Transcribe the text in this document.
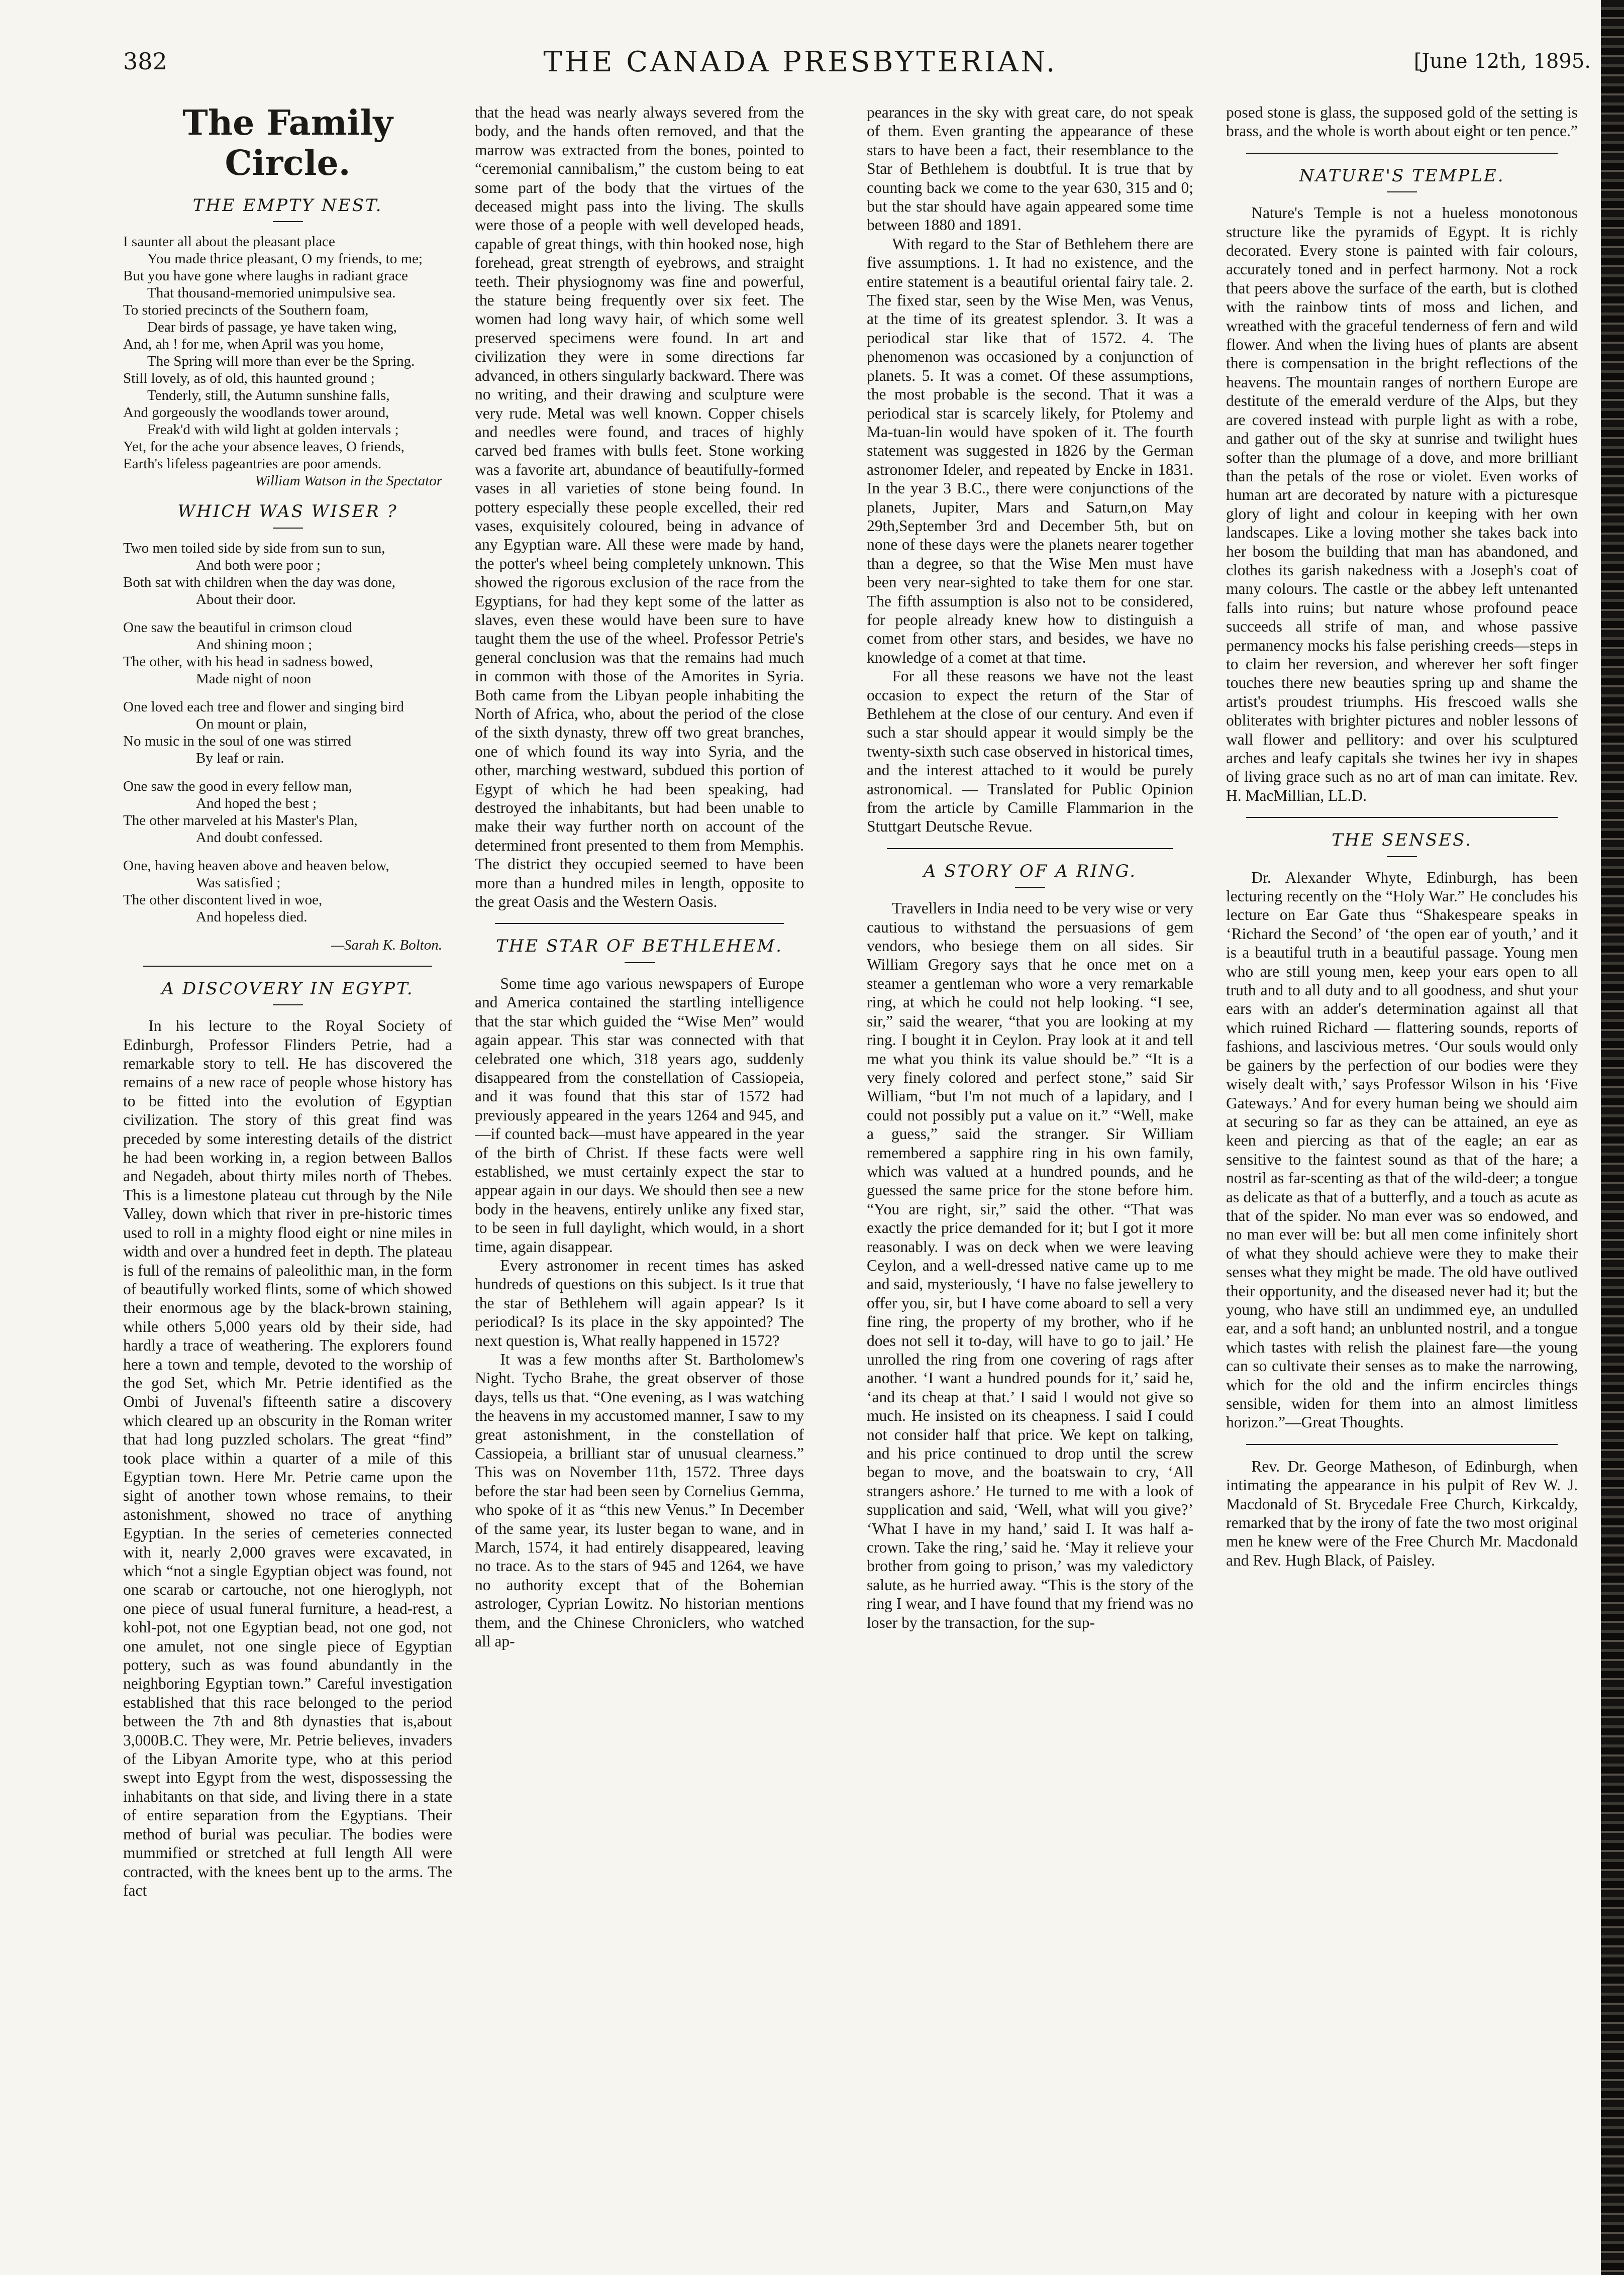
382	THE CANADA PRESBYTERIAN.	[June 12th, 1895.
The Family Circle.
THE EMPTY NEST.
I saunter all about the pleasant place
You made thrice pleasant, O my friends, to me;
But you have gone where laughs in radiant grace
That thousand-memoried unimpulsive sea.
To storied precincts of the Southern foam,
Dear birds of passage, ye have taken wing,
And, ah ! for me, when April was you home,
The Spring will more than ever be the Spring.
Still lovely, as of old, this haunted ground ;
Tenderly, still, the Autumn sunshine falls,
And gorgeously the woodlands tower around,
Freak'd with wild light at golden intervals ;
Yet, for the ache your absence leaves, O friends,
Earth's lifeless pageantries are poor amends.
William Watson in the Spectator
WHICH WAS WISER ?
Two men toiled side by side from sun to sun,
And both were poor ;
Both sat with children when the day was done,
About their door.
One saw the beautiful in crimson cloud
And shining moon ;
The other, with his head in sadness bowed,
Made night of noon
One loved each tree and flower and singing bird
On mount or plain,
No music in the soul of one was stirred
By leaf or rain.
One saw the good in every fellow man,
And hoped the best ;
The other marveled at his Master's Plan,
And doubt confessed.
One, having heaven above and heaven below,
Was satisfied ;
The other discontent lived in woe,
And hopeless died.
—Sarah K. Bolton.
A DISCOVERY IN EGYPT.

In his lecture to the Royal Society of Edinburgh, Professor Flinders Petrie, had a remarkable story to tell. He has discovered the remains of a new race of people whose history has to be fitted into the evolution of Egyptian civilization. The story of this great find was preceded by some interesting details of the district he had been working in, a region between Ballos and Negadeh, about thirty miles north of Thebes. This is a limestone plateau cut through by the Nile Valley, down which that river in pre-historic times used to roll in a mighty flood eight or nine miles in width and over a hundred feet in depth. The plateau is full of the remains of paleolithic man, in the form of beautifully worked flints, some of which showed their enormous age by the black-brown staining, while others 5,000 years old by their side, had hardly a trace of weathering. The explorers found here a town and temple, devoted to the worship of the god Set, which Mr. Petrie identified as the Ombi of Juvenal's fifteenth satire a discovery which cleared up an obscurity in the Roman writer that had long puzzled scholars. The great “find” took place within a quarter of a mile of this Egyptian town. Here Mr. Petrie came upon the sight of another town whose remains, to their astonishment, showed no trace of anything Egyptian. In the series of cemeteries connected with it, nearly 2,000 graves were excavated, in which “not a single Egyptian object was found, not one scarab or cartouche, not one hieroglyph, not one piece of usual funeral furniture, a head-rest, a kohl-pot, not one Egyptian bead, not one god, not one amulet, not one single piece of Egyptian pottery, such as was found abundantly in the neighboring Egyptian town.” Careful investigation established that this race belonged to the period between the 7th and 8th dynasties that is,about 3,000B.C. They were, Mr. Petrie believes, invaders of the Libyan Amorite type, who at this period swept into Egypt from the west, dispossessing the inhabitants on that side, and living there in a state of entire separation from the Egyptians. Their method of burial was peculiar. The bodies were mummified or stretched at full length All were contracted, with the knees bent up to the arms. The fact

that the head was nearly always severed from the body, and the hands often removed, and that the marrow was extracted from the bones, pointed to “ceremonial cannibalism,” the custom being to eat some part of the body that the virtues of the deceased might pass into the living. The skulls were those of a people with well developed heads, capable of great things, with thin hooked nose, high forehead, great strength of eyebrows, and straight teeth. Their physiognomy was fine and powerful, the stature being frequently over six feet. The women had long wavy hair, of which some well preserved specimens were found. In art and civilization they were in some directions far advanced, in others singularly backward. There was no writing, and their drawing and sculpture were very rude. Metal was well known. Copper chisels and needles were found, and traces of highly carved bed frames with bulls feet. Stone working was a favorite art, abundance of beautifully-formed vases in all varieties of stone being found. In pottery especially these people excelled, their red vases, exquisitely coloured, being in advance of any Egyptian ware. All these were made by hand, the potter's wheel being completely unknown. This showed the rigorous exclusion of the race from the Egyptians, for had they kept some of the latter as slaves, even these would have been sure to have taught them the use of the wheel. Professor Petrie's general conclusion was that the remains had much in common with those of the Amorites in Syria. Both came from the Libyan people inhabiting the North of Africa, who, about the period of the close of the sixth dynasty, threw off two great branches, one of which found its way into Syria, and the other, marching westward, subdued this portion of Egypt of which he had been speaking, had destroyed the inhabitants, but had been unable to make their way further north on account of the determined front presented to them from Memphis. The district they occupied seemed to have been more than a hundred miles in length, opposite to the great Oasis and the Western Oasis.

THE STAR OF BETHLEHEM.

Some time ago various newspapers of Europe and America contained the startling intelligence that the star which guided the “Wise Men” would again appear. This star was connected with that celebrated one which, 318 years ago, suddenly disappeared from the constellation of Cassiopeia, and it was found that this star of 1572 had previously appeared in the years 1264 and 945, and—if counted back—must have appeared in the year of the birth of Christ. If these facts were well established, we must certainly expect the star to appear again in our days. We should then see a new body in the heavens, entirely unlike any fixed star, to be seen in full daylight, which would, in a short time, again disappear.

Every astronomer in recent times has asked hundreds of questions on this subject. Is it true that the star of Bethlehem will again appear? Is it periodical? Is its place in the sky appointed? The next question is, What really happened in 1572?

It was a few months after St. Bartholomew's Night. Tycho Brahe, the great observer of those days, tells us that. “One evening, as I was watching the heavens in my accustomed manner, I saw to my great astonishment, in the constellation of Cassiopeia, a brilliant star of unusual clearness.” This was on November 11th, 1572. Three days before the star had been seen by Cornelius Gemma, who spoke of it as “this new Venus.” In December of the same year, its luster began to wane, and in March, 1574, it had entirely disappeared, leaving no trace. As to the stars of 945 and 1264, we have no authority except that of the Bohemian astrologer, Cyprian Lowitz. No historian mentions them, and the Chinese Chroniclers, who watched all ap-

pearances in the sky with great care, do not speak of them. Even granting the appearance of these stars to have been a fact, their resemblance to the Star of Bethlehem is doubtful. It is true that by counting back we come to the year 630, 315 and 0; but the star should have again appeared some time between 1880 and 1891.

With regard to the Star of Bethlehem there are five assumptions. 1. It had no existence, and the entire statement is a beautiful oriental fairy tale. 2. The fixed star, seen by the Wise Men, was Venus, at the time of its greatest splendor. 3. It was a periodical star like that of 1572. 4. The phenomenon was occasioned by a conjunction of planets. 5. It was a comet. Of these assumptions, the most probable is the second. That it was a periodical star is scarcely likely, for Ptolemy and Ma-tuan-lin would have spoken of it. The fourth statement was suggested in 1826 by the German astronomer Ideler, and repeated by Encke in 1831. In the year 3 B.C., there were conjunctions of the planets, Jupiter, Mars and Saturn,on May 29th,September 3rd and December 5th, but on none of these days were the planets nearer together than a degree, so that the Wise Men must have been very near-sighted to take them for one star. The fifth assumption is also not to be considered, for people already knew how to distinguish a comet from other stars, and besides, we have no knowledge of a comet at that time.

For all these reasons we have not the least occasion to expect the return of the Star of Bethlehem at the close of our century. And even if such a star should appear it would simply be the twenty-sixth such case observed in historical times, and the interest attached to it would be purely astronomical. — Translated for Public Opinion from the article by Camille Flammarion in the Stuttgart Deutsche Revue.

A STORY OF A RING.

Travellers in India need to be very wise or very cautious to withstand the persuasions of gem vendors, who besiege them on all sides. Sir William Gregory says that he once met on a steamer a gentleman who wore a very remarkable ring, at which he could not help looking. “I see, sir,” said the wearer, “that you are looking at my ring. I bought it in Ceylon. Pray look at it and tell me what you think its value should be.” “It is a very finely colored and perfect stone,” said Sir William, “but I'm not much of a lapidary, and I could not possibly put a value on it.” “Well, make a guess,” said the stranger. Sir William remembered a sapphire ring in his own family, which was valued at a hundred pounds, and he guessed the same price for the stone before him. “You are right, sir,” said the other. “That was exactly the price demanded for it; but I got it more reasonably. I was on deck when we were leaving Ceylon, and a well-dressed native came up to me and said, mysteriously, ‘I have no false jewellery to offer you, sir, but I have come aboard to sell a very fine ring, the property of my brother, who if he does not sell it to-day, will have to go to jail.’ He unrolled the ring from one covering of rags after another. ‘I want a hundred pounds for it,’ said he, ‘and its cheap at that.’ I said I would not give so much. He insisted on its cheapness. I said I could not consider half that price. We kept on talking, and his price continued to drop until the screw began to move, and the boatswain to cry, ‘All strangers ashore.’ He turned to me with a look of supplication and said, ‘Well, what will you give?’ ‘What I have in my hand,’ said I. It was half a-crown. Take the ring,’ said he. ‘May it relieve your brother from going to prison,’ was my valedictory salute, as he hurried away. “This is the story of the ring I wear, and I have found that my friend was no loser by the transaction, for the sup-

posed stone is glass, the supposed gold of the setting is brass, and the whole is worth about eight or ten pence.”

NATURE'S TEMPLE.

Nature's Temple is not a hueless monotonous structure like the pyramids of Egypt. It is richly decorated. Every stone is painted with fair colours, accurately toned and in perfect harmony. Not a rock that peers above the surface of the earth, but is clothed with the rainbow tints of moss and lichen, and wreathed with the graceful tenderness of fern and wild flower. And when the living hues of plants are absent there is compensation in the bright reflections of the heavens. The mountain ranges of northern Europe are destitute of the emerald verdure of the Alps, but they are covered instead with purple light as with a robe, and gather out of the sky at sunrise and twilight hues softer than the plumage of a dove, and more brilliant than the petals of the rose or violet. Even works of human art are decorated by nature with a picturesque glory of light and colour in keeping with her own landscapes. Like a loving mother she takes back into her bosom the building that man has abandoned, and clothes its garish nakedness with a Joseph's coat of many colours. The castle or the abbey left untenanted falls into ruins; but nature whose profound peace succeeds all strife of man, and whose passive permanency mocks his false perishing creeds—steps in to claim her reversion, and wherever her soft finger touches there new beauties spring up and shame the artist's proudest triumphs. His frescoed walls she obliterates with brighter pictures and nobler lessons of wall flower and pellitory: and over his sculptured arches and leafy capitals she twines her ivy in shapes of living grace such as no art of man can imitate. Rev. H. MacMillian, LL.D.

THE SENSES.

Dr. Alexander Whyte, Edinburgh, has been lecturing recently on the “Holy War.” He concludes his lecture on Ear Gate thus “Shakespeare speaks in ‘Richard the Second’ of ‘the open ear of youth,’ and it is a beautiful truth in a beautiful passage. Young men who are still young men, keep your ears open to all truth and to all duty and to all goodness, and shut your ears with an adder's determination against all that which ruined Richard — flattering sounds, reports of fashions, and lascivious metres. ‘Our souls would only be gainers by the perfection of our bodies were they wisely dealt with,’ says Professor Wilson in his ‘Five Gateways.’ And for every human being we should aim at securing so far as they can be attained, an eye as keen and piercing as that of the eagle; an ear as sensitive to the faintest sound as that of the hare; a nostril as far-scenting as that of the wild-deer; a tongue as delicate as that of a butterfly, and a touch as acute as that of the spider. No man ever was so endowed, and no man ever will be: but all men come infinitely short of what they should achieve were they to make their senses what they might be made. The old have outlived their opportunity, and the diseased never had it; but the young, who have still an undimmed eye, an undulled ear, and a soft hand; an unblunted nostril, and a tongue which tastes with relish the plainest fare—the young can so cultivate their senses as to make the narrowing, which for the old and the infirm encircles things sensible, widen for them into an almost limitless horizon.”—Great Thoughts.

Rev. Dr. George Matheson, of Edinburgh, when intimating the appearance in his pulpit of Rev W. J. Macdonald of St. Brycedale Free Church, Kirkcaldy, remarked that by the irony of fate the two most original men he knew were of the Free Church Mr. Macdonald and Rev. Hugh Black, of Paisley.
